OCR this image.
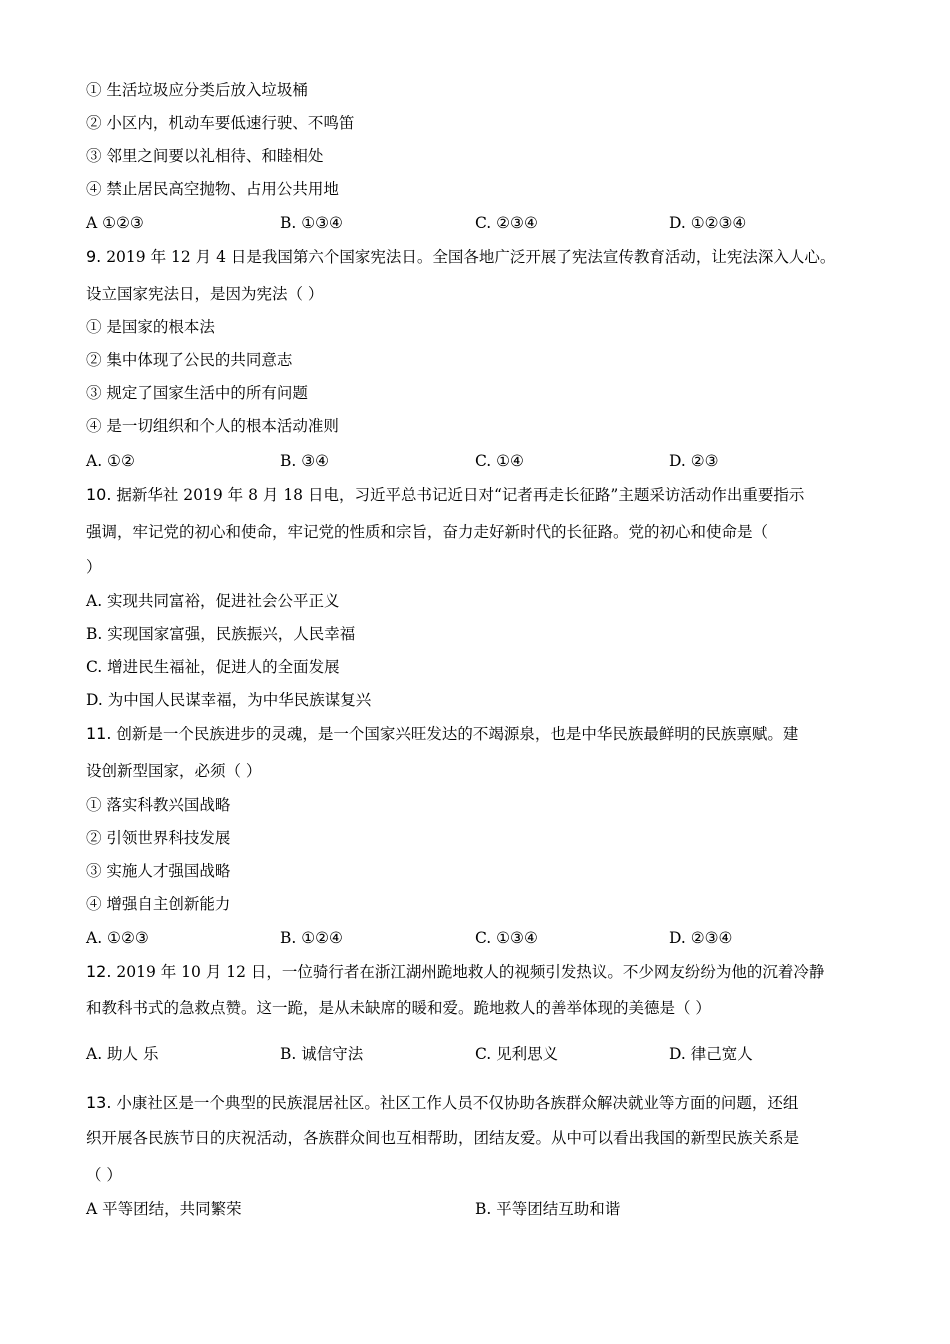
① 生活垃圾应分类后放入垃圾桶
② 小区内，机动车要低速行驶、不鸣笛
③ 邻里之间要以礼相待、和睦相处
④ 禁止居民高空抛物、占用公共用地
A ①②③	B. ①③④	C. ②③④	D. ①②③④
9. 2019 年 12 月 4 日是我国第六个国家宪法日。全国各地广泛开展了宪法宣传教育活动，让宪法深入人心。
设立国家宪法日，是因为宪法（ ）
① 是国家的根本法
② 集中体现了公民的共同意志
③ 规定了国家生活中的所有问题
④ 是一切组织和个人的根本活动准则
A. ①②	B. ③④	C. ①④	D. ②③
10. 据新华社 2019 年 8 月 18 日电，习近平总书记近日对“记者再走长征路”主题采访活动作出重要指示
强调，牢记党的初心和使命，牢记党的性质和宗旨，奋力走好新时代的长征路。党的初心和使命是（
）
A. 实现共同富裕，促进社会公平正义
B. 实现国家富强，民族振兴，人民幸福
C. 增进民生福祉，促进人的全面发展
D. 为中国人民谋幸福，为中华民族谋复兴
11. 创新是一个民族进步的灵魂，是一个国家兴旺发达的不竭源泉，也是中华民族最鲜明的民族禀赋。建
设创新型国家，必须（ ）
① 落实科教兴国战略
② 引领世界科技发展
③ 实施人才强国战略
④ 增强自主创新能力
A. ①②③	B. ①②④	C. ①③④	D. ②③④
12. 2019 年 10 月 12 日，一位骑行者在浙江湖州跪地救人的视频引发热议。不少网友纷纷为他的沉着冷静
和教科书式的急救点赞。这一跪，是从未缺席的暖和爱。跪地救人的善举体现的美德是（ ）
A. 助人 乐	B. 诚信守法	C. 见利思义	D. 律己宽人
13. 小康社区是一个典型的民族混居社区。社区工作人员不仅协助各族群众解决就业等方面的问题，还组
织开展各民族节日的庆祝活动，各族群众间也互相帮助，团结友爱。从中可以看出我国的新型民族关系是
（ ）
A 平等团结，共同繁荣	B. 平等团结互助和谐
